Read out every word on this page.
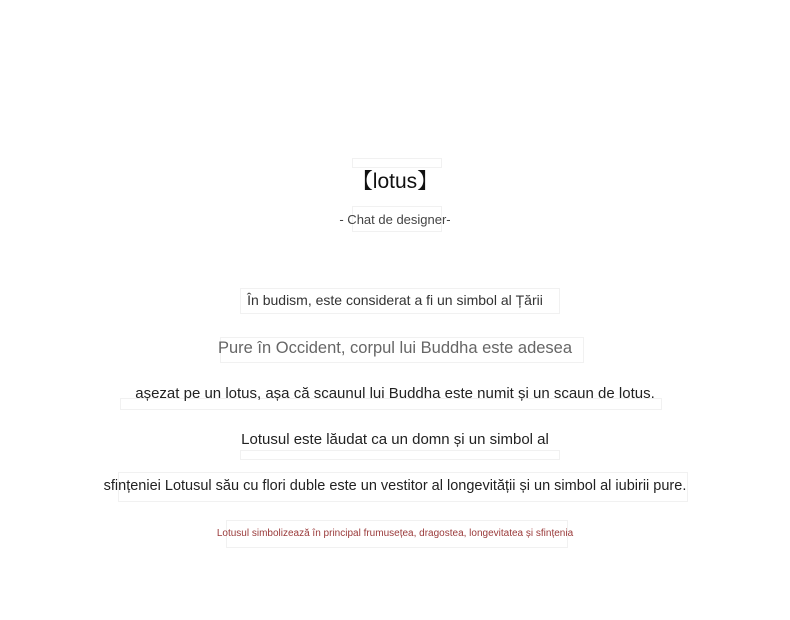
【lotus】
- Chat de designer-
În budism, este considerat a fi un simbol al Țării
Pure în Occident, corpul lui Buddha este adesea
așezat pe un lotus, așa că scaunul lui Buddha este numit și un scaun de lotus.
Lotusul este lăudat ca un domn și un simbol al
sfințeniei Lotusul său cu flori duble este un vestitor al longevității și un simbol al iubirii pure.
Lotusul simbolizează în principal frumusețea, dragostea, longevitatea și sfințenia
